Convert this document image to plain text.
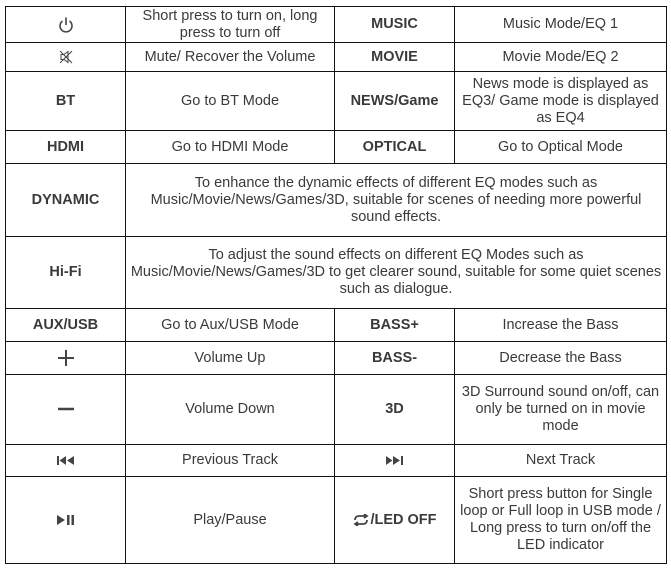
	Short press to turn on, long press to turn off	MUSIC	Music Mode/EQ 1
	Mute/ Recover the Volume	MOVIE	Movie Mode/EQ 2
BT	Go to BT Mode	NEWS/Game	News mode is displayed as EQ3/ Game mode is displayed as EQ4
HDMI	Go to HDMI Mode	OPTICAL	Go to Optical Mode
DYNAMIC	To enhance the dynamic effects of different EQ modes such as Music/Movie/News/Games/3D, suitable for scenes of needing more powerful sound effects.		
Hi-Fi	To adjust the sound effects on different EQ Modes such as Music/Movie/News/Games/3D to get clearer sound, suitable for some quiet scenes such as dialogue.		
AUX/USB	Go to Aux/USB Mode	BASS+	Increase the Bass
	Volume Up	BASS-	Decrease the Bass
	Volume Down	3D	3D Surround sound on/off, can only be turned on in movie mode
	Previous Track		Next Track
	Play/Pause	/LED OFF	Short press button for Single loop or Full loop in USB mode / Long press to turn on/off the LED indicator
